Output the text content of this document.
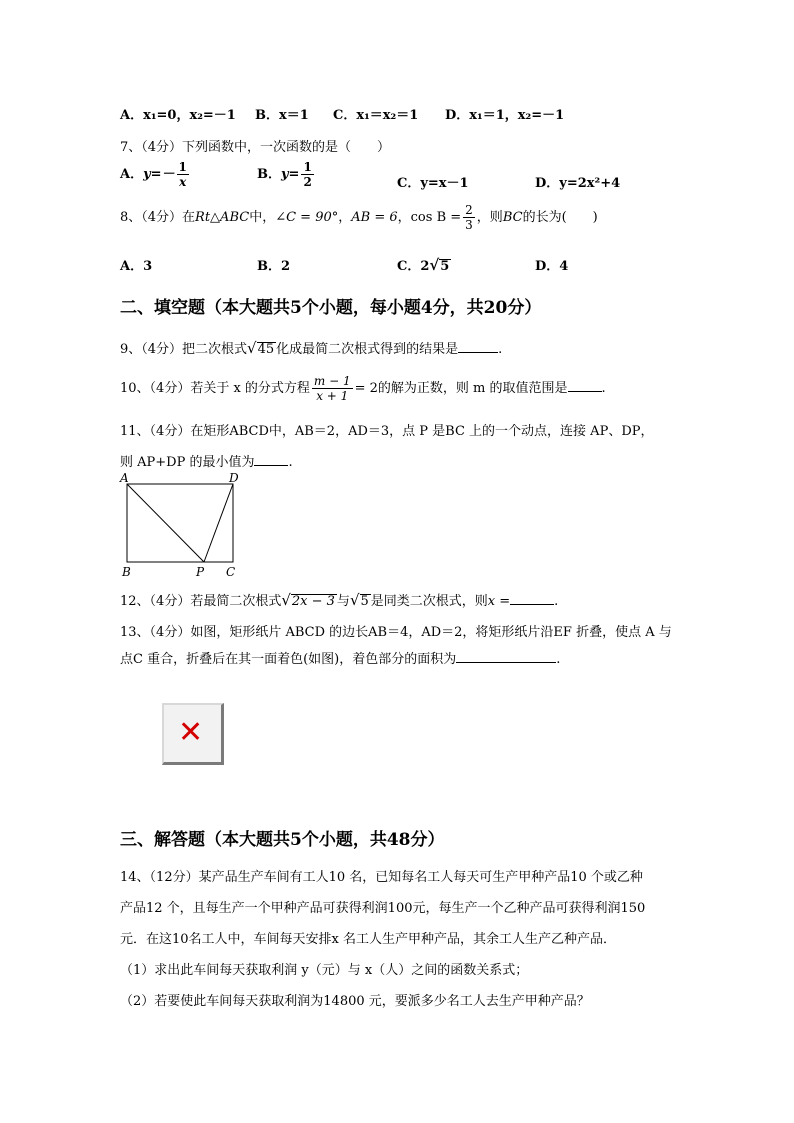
A．x₁=0，x₂=－1 B．x＝1 C．x₁＝x₂＝1 D．x₁＝1，x₂=－1
7、（4分）下列函数中，一次函数的是（　　）
A．$y=- \frac{1}{x}$	B．$y= \frac{1}{2}$	C．y=x－1	D．y=2x²+4
8、（4分）在Rt△ABC中，∠C = 90°，AB = 6，$\cos B = \frac{2}{3}$ ，则BC的长为(　　)
A．3	B．2	C．2√5	D．4
二、填空题（本大题共5个小题，每小题4分，共20分）
9、（4分）把二次根式√45 化成最简二次根式得到的结果是	.
10、（4分）若关于 x 的分式方程 $\frac{m - 1}{x + 1} = 2$的解为正数，则 m 的取值范围是	.
11、（4分）在矩形ABCD中，AB＝2，AD＝3，点 P 是BC 上的一个动点，连接 AP、DP，
则 AP+DP 的最小值为	.
A	D
B	P C
12、（4分）若最简二次根式√2x − 3 与√5 是同类二次根式，则x =	.
13、（4分）如图，矩形纸片 ABCD 的边长AB＝4，AD＝2，将矩形纸片沿EF 折叠，使点 A 与
点C 重合，折叠后在其一面着色(如图)，着色部分的面积为	.
✕
三、解答题（本大题共5个小题，共48分）
14、（12分）某产品生产车间有工人10 名，已知每名工人每天可生产甲种产品10 个或乙种
产品12 个，且每生产一个甲种产品可获得利润100元，每生产一个乙种产品可获得利润150
元．在这10名工人中，车间每天安排x 名工人生产甲种产品，其余工人生产乙种产品．
（1）求出此车间每天获取利润 y（元）与 x（人）之间的函数关系式；
（2）若要使此车间每天获取利润为14800 元，要派多少名工人去生产甲种产品？
